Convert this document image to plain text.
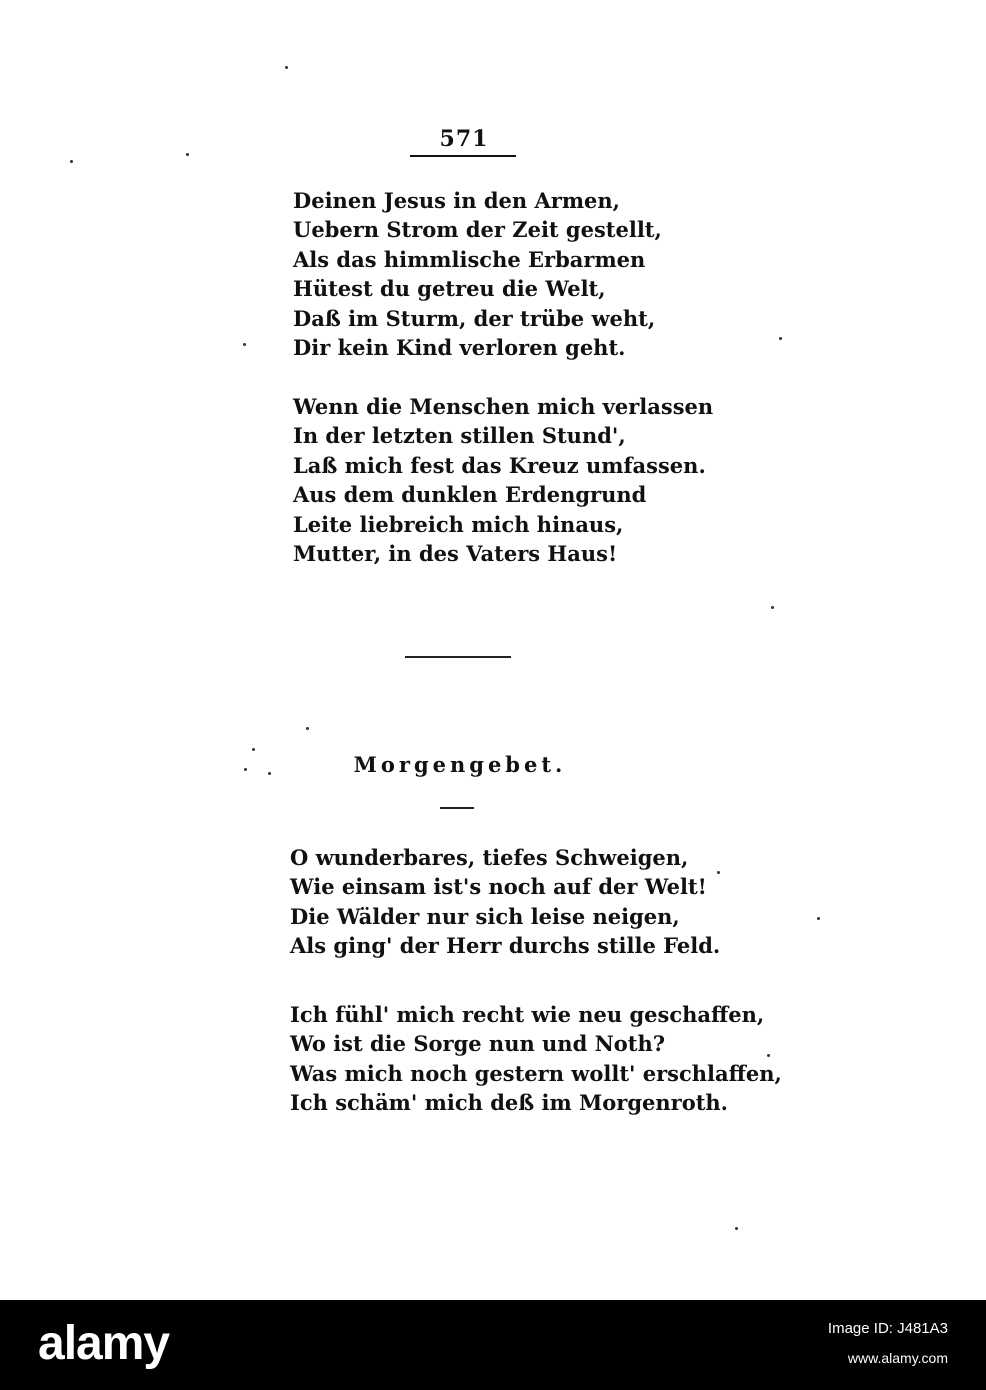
571
Deinen Jesus in den Armen,
Uebern Strom der Zeit gestellt,
Als das himmlische Erbarmen
Hütest du getreu die Welt,
Daß im Sturm, der trübe weht,
Dir kein Kind verloren geht.
Wenn die Menschen mich verlassen
In der letzten stillen Stund',
Laß mich fest das Kreuz umfassen.
Aus dem dunklen Erdengrund
Leite liebreich mich hinaus,
Mutter, in des Vaters Haus!
Morgengebet.
O wunderbares, tiefes Schweigen,
Wie einsam ist's noch auf der Welt!
Die Wälder nur sich leise neigen,
Als ging' der Herr durchs stille Feld.
Ich fühl' mich recht wie neu geschaffen,
Wo ist die Sorge nun und Noth?
Was mich noch gestern wollt' erschlaffen,
Ich schäm' mich deß im Morgenroth.
alamy	Image ID: J481A3
www.alamy.com
